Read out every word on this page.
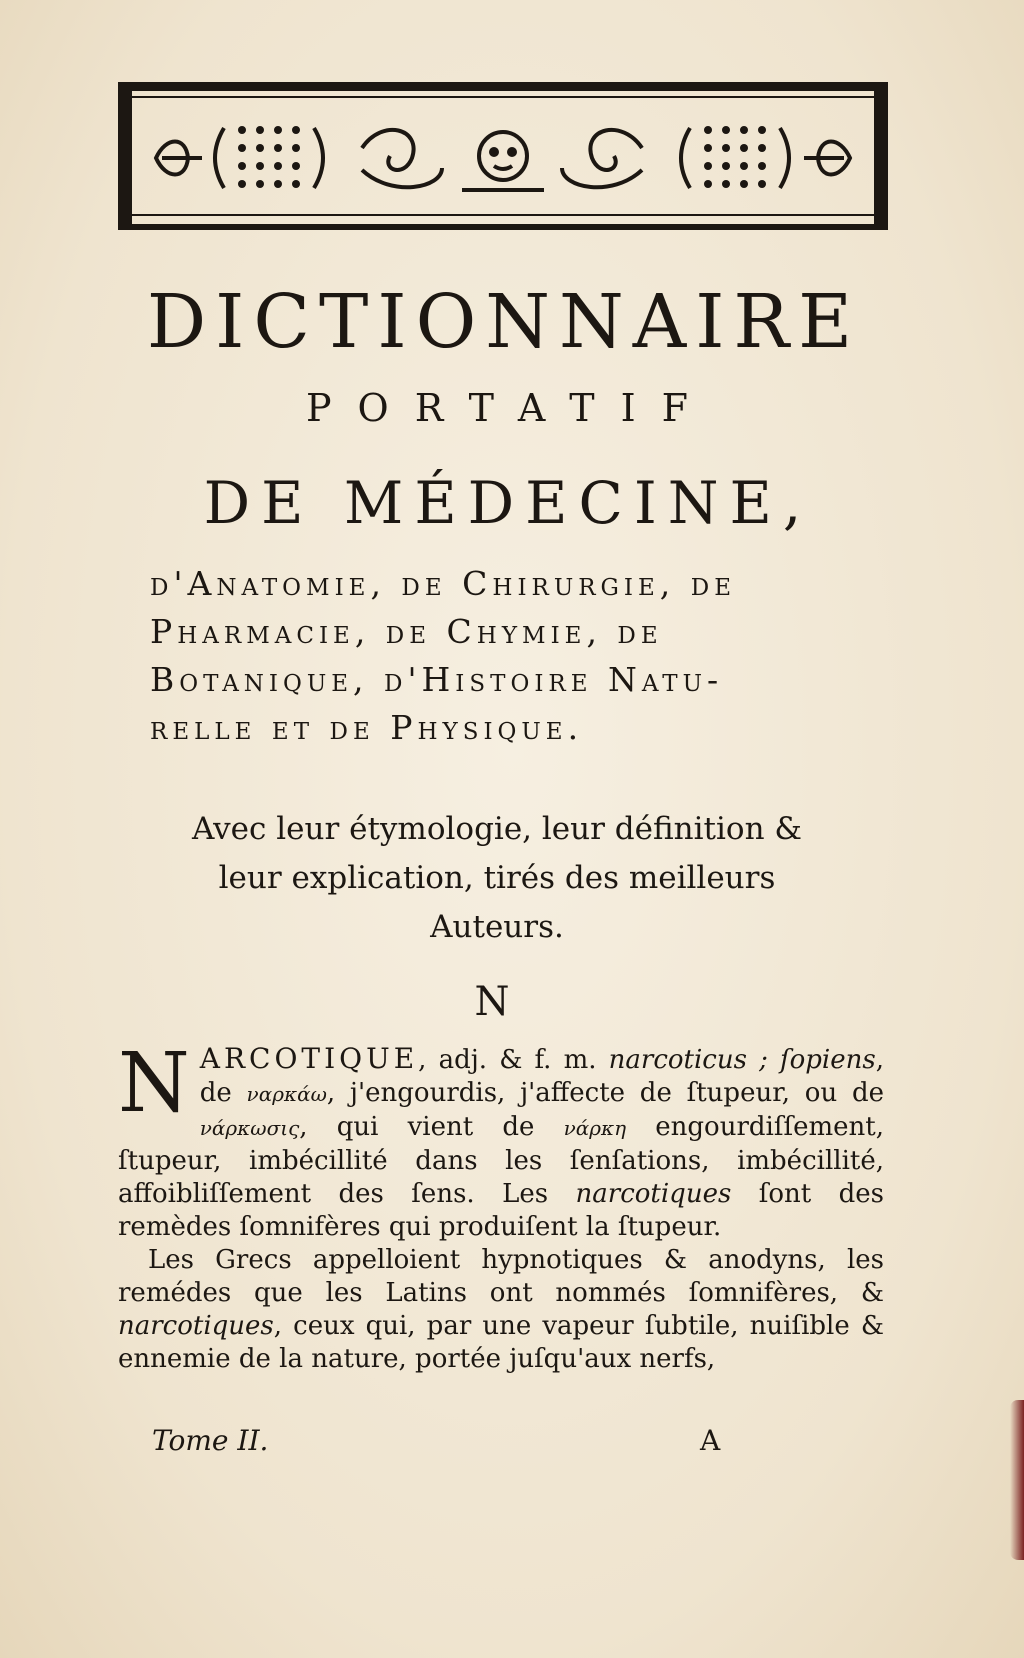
DICTIONNAIRE
PORTATIF
DE MÉDECINE,
d'Anatomie, de Chirurgie, de
Pharmacie, de Chymie, de
Botanique, d'Histoire Natu-
relle et de Physique.
Avec leur étymologie, leur définition &
leur explication, tirés des meilleurs
Auteurs.
N
NARCOTIQUE, adj. & f. m. narcoticus ; ſopiens, de ναρκάω, j'engourdis, j'affecte de ſtupeur, ou de νάρκωσις, qui vient de νάρκη engourdiſſement, ſtupeur, imbécillité dans les ſenſations, imbécillité, affoibliſſement des ſens. Les narcotiques ſont des remèdes ſomnifères qui produiſent la ſtupeur.
Les Grecs appelloient hypnotiques & anodyns, les remédes que les Latins ont nommés ſomnifères, & narcotiques, ceux qui, par une vapeur ſubtile, nuiſible & ennemie de la nature, portée juſqu'aux nerfs,
Tome II.	A
